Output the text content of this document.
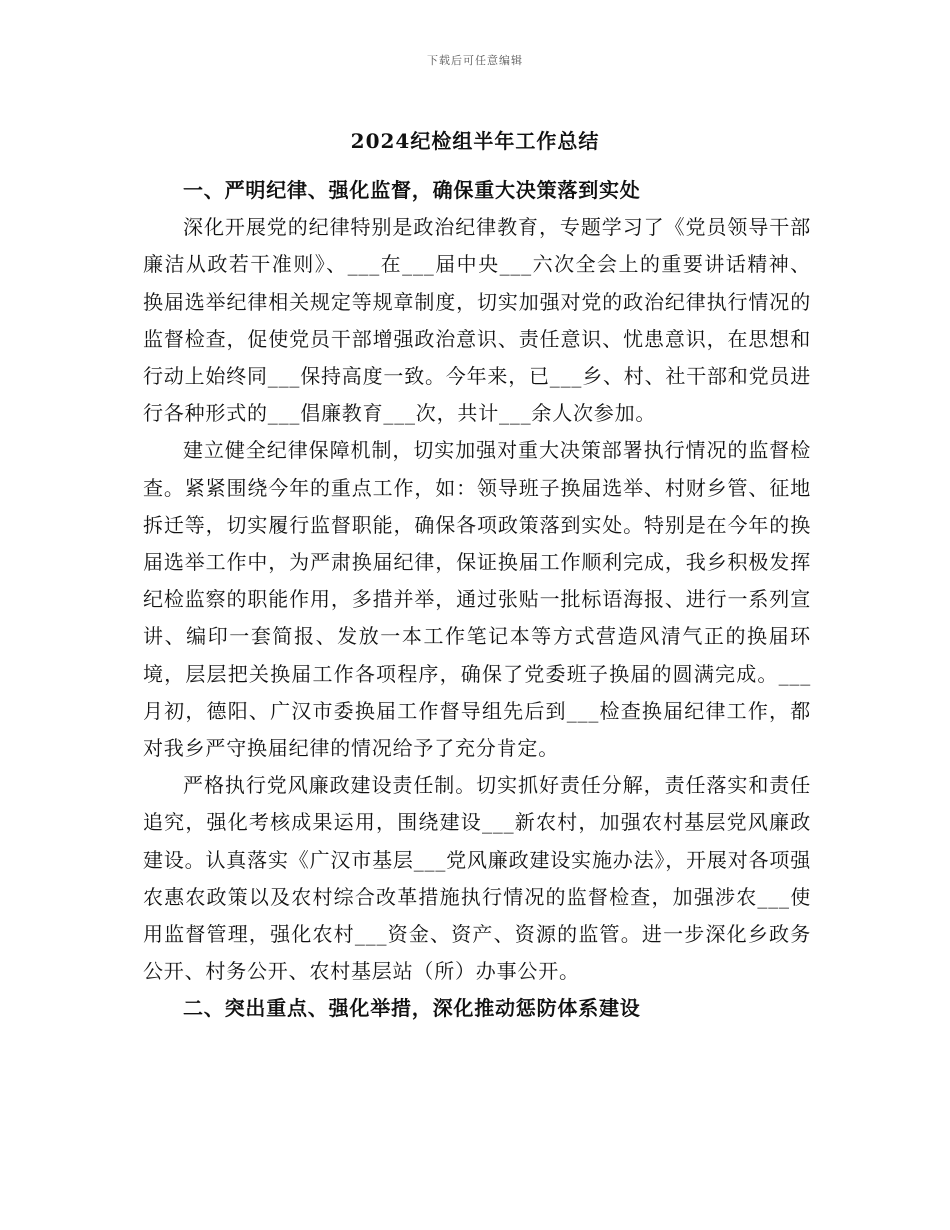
下载后可任意编辑
2024纪检组半年工作总结

一、严明纪律、强化监督，确保重大决策落到实处

深化开展党的纪律特别是政治纪律教育，专题学习了《党员领导干部廉洁从政若干准则》、___在___届中央___六次全会上的重要讲话精神、换届选举纪律相关规定等规章制度，切实加强对党的政治纪律执行情况的监督检查，促使党员干部增强政治意识、责任意识、忧患意识，在思想和行动上始终同___保持高度一致。今年来，已___乡、村、社干部和党员进行各种形式的___倡廉教育___次，共计___余人次参加。

建立健全纪律保障机制，切实加强对重大决策部署执行情况的监督检查。紧紧围绕今年的重点工作，如：领导班子换届选举、村财乡管、征地拆迁等，切实履行监督职能，确保各项政策落到实处。特别是在今年的换届选举工作中，为严肃换届纪律，保证换届工作顺利完成，我乡积极发挥纪检监察的职能作用，多措并举，通过张贴一批标语海报、进行一系列宣讲、编印一套简报、发放一本工作笔记本等方式营造风清气正的换届环境，层层把关换届工作各项程序，确保了党委班子换届的圆满完成。___月初，德阳、广汉市委换届工作督导组先后到___检查换届纪律工作，都对我乡严守换届纪律的情况给予了充分肯定。

严格执行党风廉政建设责任制。切实抓好责任分解，责任落实和责任追究，强化考核成果运用，围绕建设___新农村，加强农村基层党风廉政建设。认真落实《广汉市基层___党风廉政建设实施办法》，开展对各项强农惠农政策以及农村综合改革措施执行情况的监督检查，加强涉农___使用监督管理，强化农村___资金、资产、资源的监管。进一步深化乡政务公开、村务公开、农村基层站（所）办事公开。

二、突出重点、强化举措，深化推动惩防体系建设
